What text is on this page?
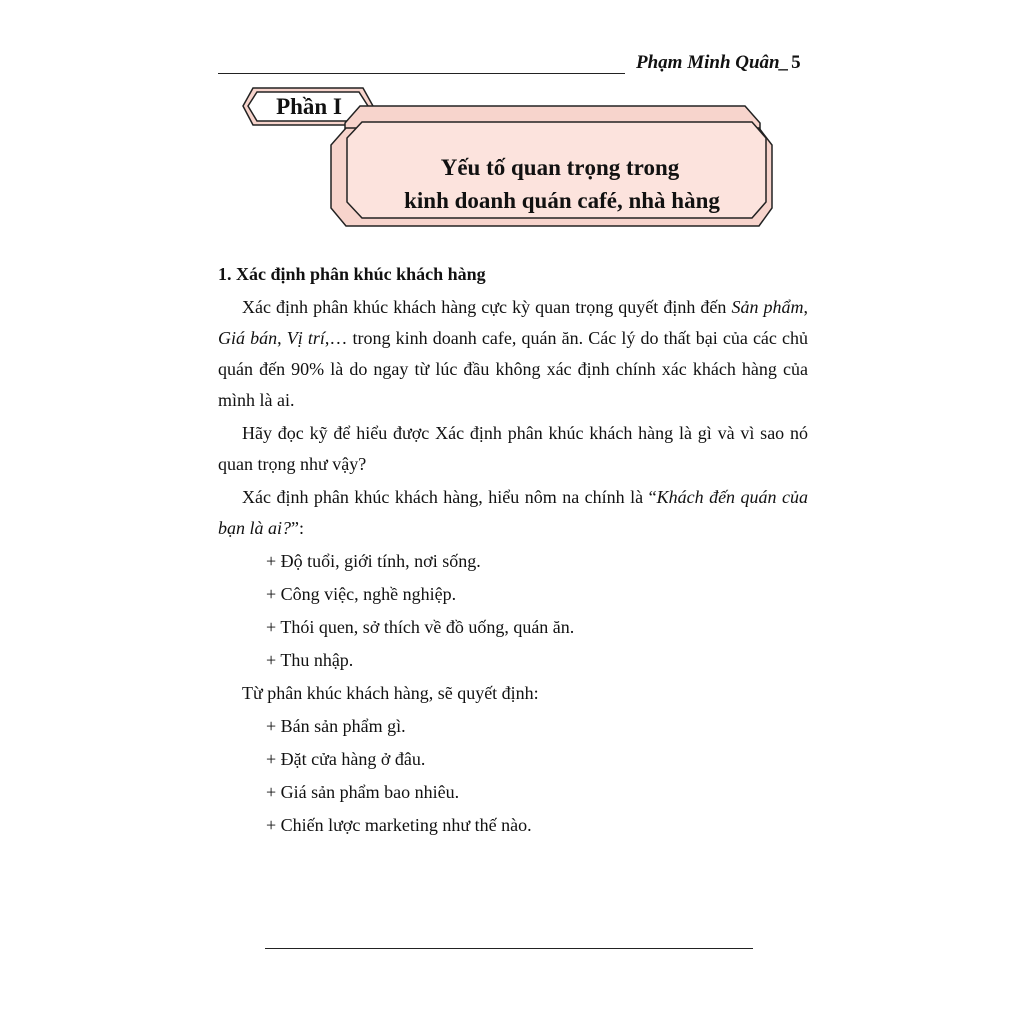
Phạm Minh Quân_ 5
Phần I
Yếu tố quan trọng trong
kinh doanh quán café, nhà hàng
1. Xác định phân khúc khách hàng
Xác định phân khúc khách hàng cực kỳ quan trọng quyết định đến Sản phẩm, Giá bán, Vị trí,… trong kinh doanh cafe, quán ăn. Các lý do thất bại của các chủ quán đến 90% là do ngay từ lúc đầu không xác định chính xác khách hàng của mình là ai.
Hãy đọc kỹ để hiểu được Xác định phân khúc khách hàng là gì và vì sao nó quan trọng như vậy?
Xác định phân khúc khách hàng, hiểu nôm na chính là “Khách đến quán của bạn là ai?”:
+ Độ tuổi, giới tính, nơi sống.
+ Công việc, nghề nghiệp.
+ Thói quen, sở thích về đồ uống, quán ăn.
+ Thu nhập.
Từ phân khúc khách hàng, sẽ quyết định:
+ Bán sản phẩm gì.
+ Đặt cửa hàng ở đâu.
+ Giá sản phẩm bao nhiêu.
+ Chiến lược marketing như thế nào.
